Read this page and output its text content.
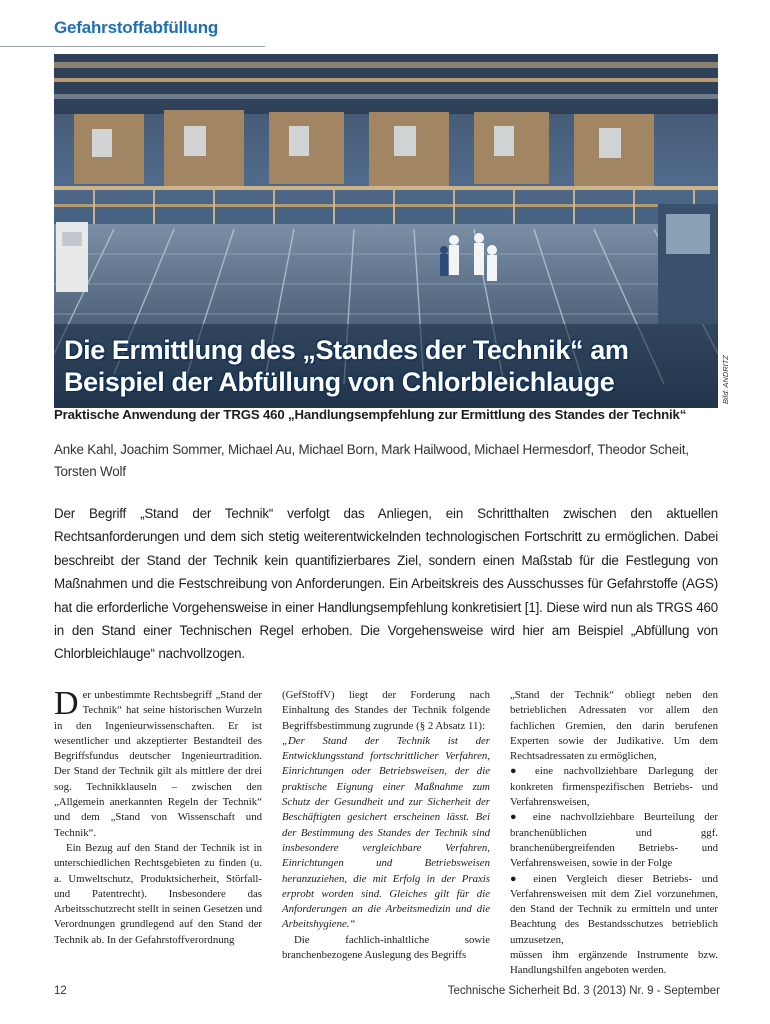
Gefahrstoffabfüllung
Bild: ANDRITZ
Die Ermittlung des „Standes der Technik“ am Beispiel der Abfüllung von Chlorbleichlauge
Praktische Anwendung der TRGS 460 „Handlungsempfehlung zur Ermittlung des Standes der Technik“

Anke Kahl, Joachim Sommer, Michael Au, Michael Born, Mark Hailwood, Michael Hermesdorf, Theodor Scheit, Torsten Wolf

Der Begriff „Stand der Technik“ verfolgt das Anliegen, ein Schritthalten zwischen den aktuellen Rechtsanforderungen und dem sich stetig weiterentwickelnden technologischen Fortschritt zu ermöglichen. Dabei beschreibt der Stand der Technik kein quantifizierbares Ziel, sondern einen Maßstab für die Festlegung von Maßnahmen und die Festschreibung von Anforderungen. Ein Arbeitskreis des Ausschusses für Gefahrstoffe (AGS) hat die erforderliche Vorgehensweise in einer Handlungsempfehlung konkretisiert [1]. Diese wird nun als TRGS 460 in den Stand einer Technischen Regel erhoben. Die Vorgehensweise wird hier am Beispiel „Abfüllung von Chlorbleichlauge“ nachvollzogen.

Der unbestimmte Rechtsbegriff „Stand der Technik“ hat seine historischen Wurzeln in den Ingenieurwissenschaften. Er ist wesentlicher und akzeptierter Bestandteil des Begriffsfundus deutscher Ingenieurtradition. Der Stand der Technik gilt als mittlere der drei sog. Technikklauseln – zwischen den „Allgemein anerkannten Regeln der Technik“ und dem „Stand von Wissenschaft und Technik“.

Ein Bezug auf den Stand der Technik ist in unterschiedlichen Rechtsgebieten zu finden (u. a. Umweltschutz, Produktsicherheit, Störfall- und Patentrecht). Insbesondere das Arbeitsschutzrecht stellt in seinen Gesetzen und Verordnungen grundlegend auf den Stand der Technik ab. In der Gefahrstoffverordnung

(GefStoffV) liegt der Forderung nach Einhaltung des Standes der Technik folgende Begriffsbestimmung zugrunde (§ 2 Absatz 11):

„Der Stand der Technik ist der Entwicklungsstand fortschrittlicher Verfahren, Einrichtungen oder Betriebsweisen, der die praktische Eignung einer Maßnahme zum Schutz der Gesundheit und zur Sicherheit der Beschäftigten gesichert erscheinen lässt. Bei der Bestimmung des Standes der Technik sind insbesondere vergleichbare Verfahren, Einrichtungen und Betriebsweisen heranzuziehen, die mit Erfolg in der Praxis erprobt worden sind. Gleiches gilt für die Anforderungen an die Arbeitsmedizin und die Arbeitshygiene.“

Die fachlich-inhaltliche sowie branchenbezogene Auslegung des Begriffs

„Stand der Technik“ obliegt neben den betrieblichen Adressaten vor allem den fachlichen Gremien, den darin berufenen Experten sowie der Judikative. Um dem Rechtsadressaten zu ermöglichen,

● eine nachvollziehbare Darlegung der konkreten firmenspezifischen Betriebs- und Verfahrensweisen,

● eine nachvollziehbare Beurteilung der branchenüblichen und ggf. branchenübergreifenden Betriebs- und Verfahrensweisen, sowie in der Folge

● einen Vergleich dieser Betriebs- und Verfahrensweisen mit dem Ziel vorzunehmen, den Stand der Technik zu ermitteln und unter Beachtung des Bestandsschutzes betrieblich umzusetzen,

müssen ihm ergänzende Instrumente bzw. Handlungshilfen angeboten werden.

12	Technische Sicherheit Bd. 3 (2013) Nr. 9 - September
